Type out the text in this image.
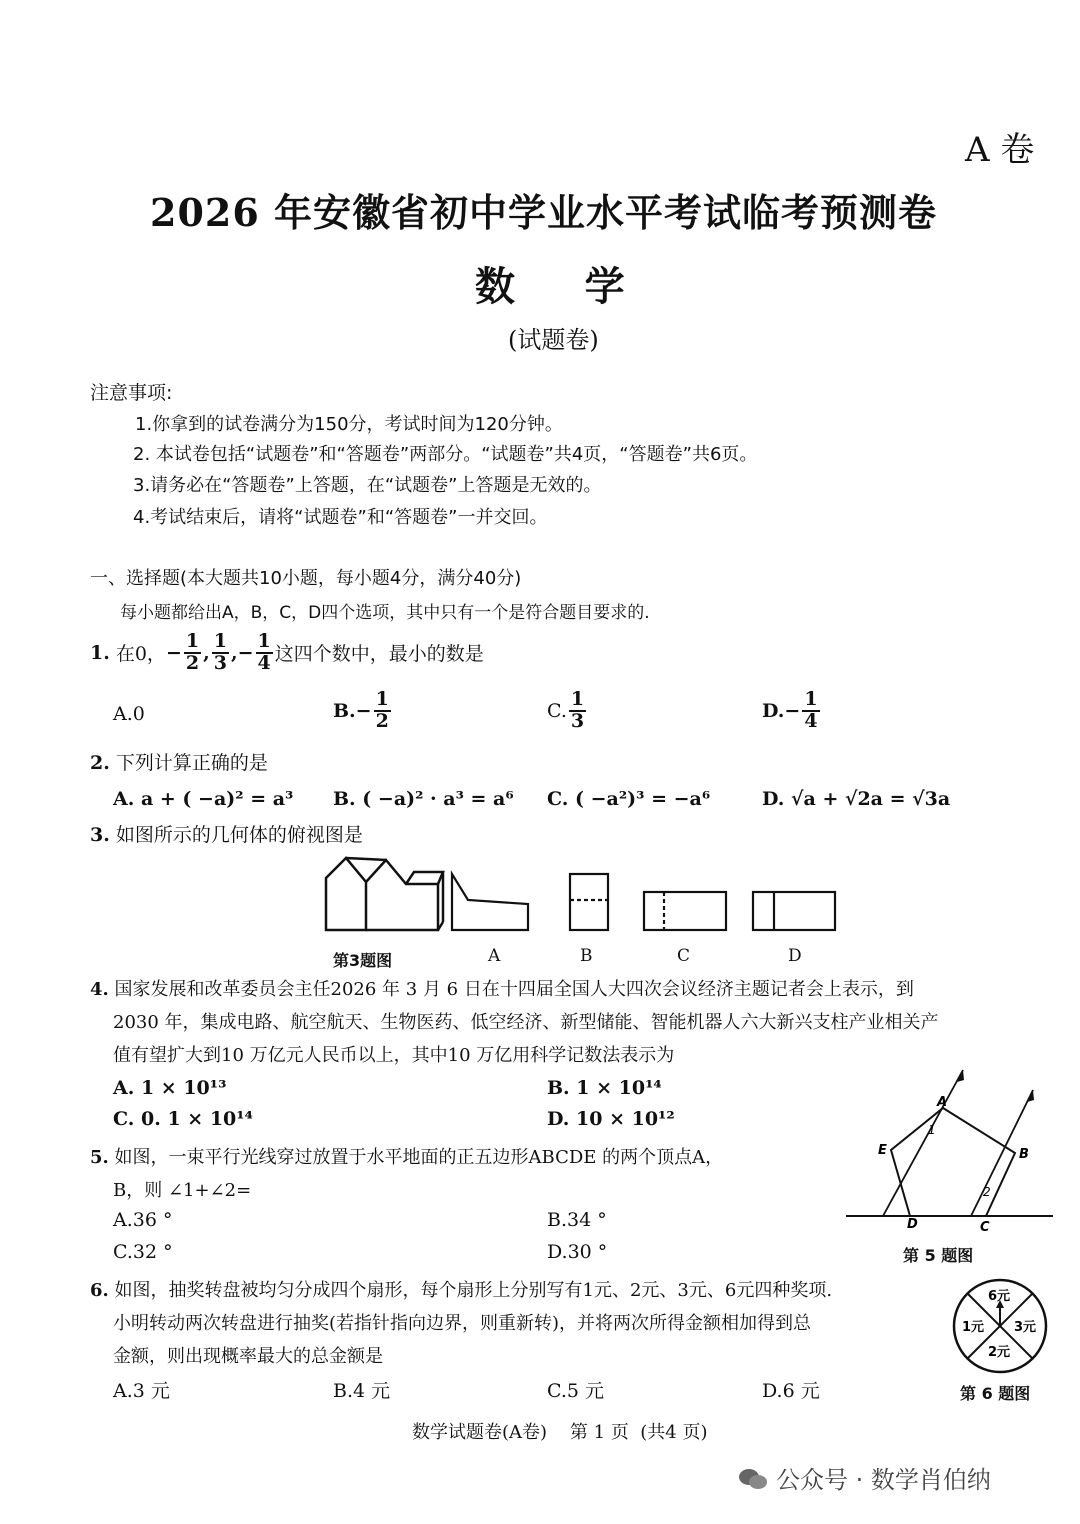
A 卷
2026 年安徽省初中学业水平考试临考预测卷
数     学
(试题卷)
注意事项:
1.你拿到的试卷满分为150分，考试时间为120分钟。
2. 本试卷包括“试题卷”和“答题卷”两部分。“试题卷”共4页，“答题卷”共6页。
3.请务必在“答题卷”上答题，在“试题卷”上答题是无效的。
4.考试结束后，请将“试题卷”和“答题卷”一并交回。
一、选择题(本大题共10小题，每小题4分，满分40分)
每小题都给出A，B，C，D四个选项，其中只有一个是符合题目要求的.
1. 在0， − $\frac{1}{2}$ , $\frac{1}{3}$ , − $\frac{1}{4}$ 这四个数中，最小的数是
A.0	$B.- \frac{1}{2}$	C. $\frac{1}{3}$	$D.- \frac{1}{4}$
2. 下列计算正确的是
A. a + ( −a)² = a³ B. ( −a)² · a³ = a⁶ C. ( −a²)³ = −a⁶	D. √a + √2a = √3a
3. 如图所示的几何体的俯视图是
第3题图	A	B	C	D
4. 国家发展和改革委员会主任2026 年 3 月 6 日在十四届全国人大四次会议经济主题记者会上表示，到
2030 年，集成电路、航空航天、生物医药、低空经济、新型储能、智能机器人六大新兴支柱产业相关产
值有望扩大到10 万亿元人民币以上，其中10 万亿用科学记数法表示为
A. 1 × 10¹³	B. 1 × 10¹⁴
C. 0. 1 × 10¹⁴	D. 10 × 10¹²
5. 如图，一束平行光线穿过放置于水平地面的正五边形ABCDE 的两个顶点A，
B，则 ∠1+∠2=
A.36 °	B.34 °
C.32 °	D.30 °
A
B
C
D
E
1
2
第 5 题图
6. 如图，抽奖转盘被均匀分成四个扇形，每个扇形上分别写有1元、2元、3元、6元四种奖项.
小明转动两次转盘进行抽奖(若指针指向边界，则重新转)，并将两次所得金额相加得到总
金额，则出现概率最大的总金额是
A.3 元	B.4 元	C.5 元	D.6 元
6元
1元 3元
2元
第 6 题图
数学试题卷(A卷)    第 1 页  (共4 页)
公众号 · 数学肖伯纳
